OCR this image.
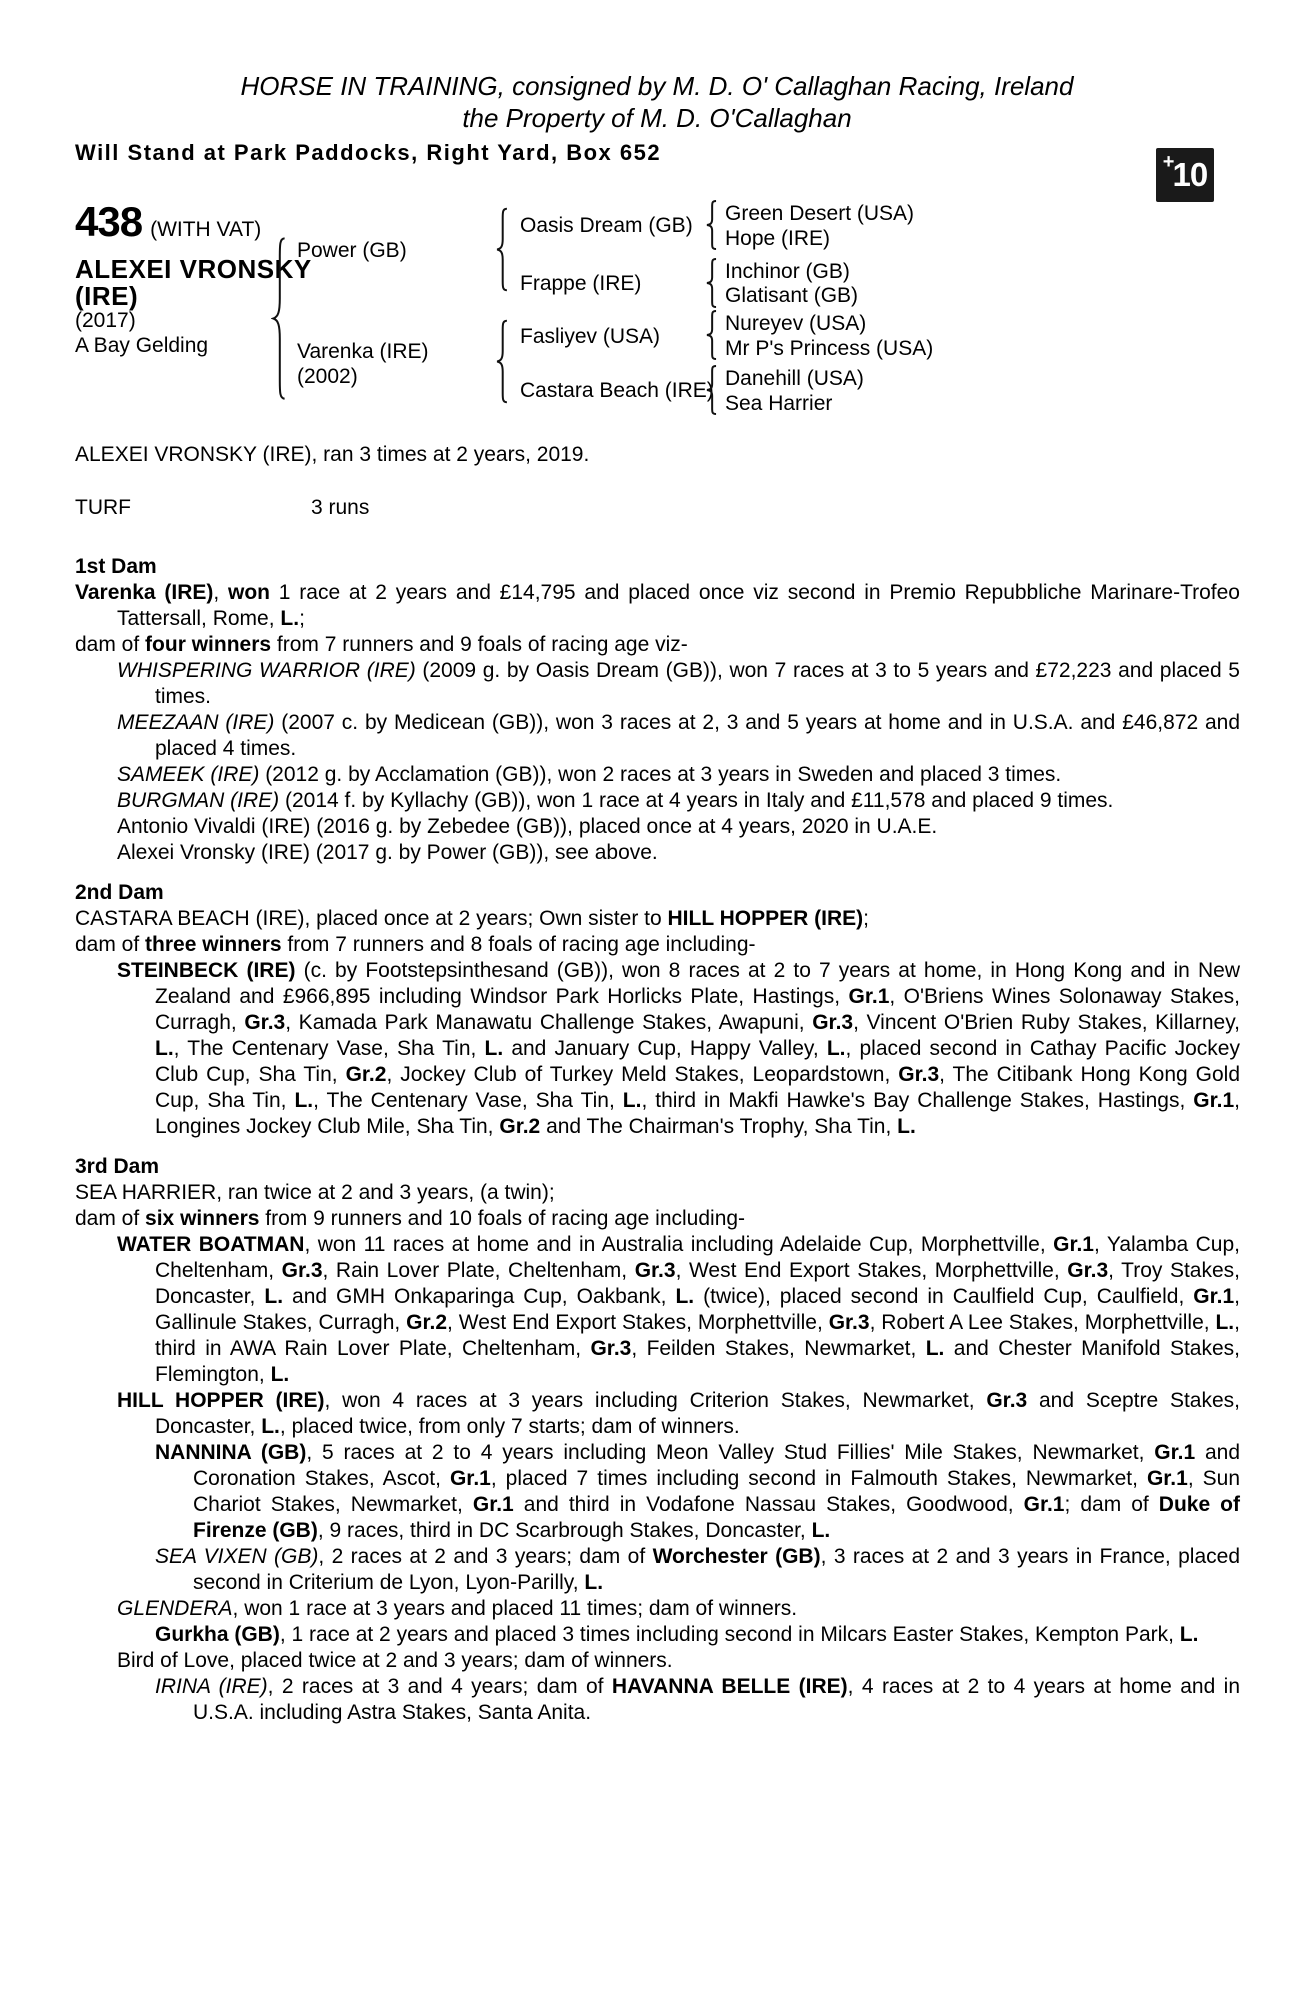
HORSE IN TRAINING, consigned by M. D. O' Callaghan Racing, Ireland
the Property of M. D. O'Callaghan
Will Stand at Park Paddocks, Right Yard, Box 652	+
10
438 (WITH VAT)
ALEXEI VRONSKY
(IRE)
(2017)
A Bay Gelding
Power (GB)
Varenka (IRE)
(2002)
Oasis Dream (GB)
Frappe (IRE)
Fasliyev (USA)
Castara Beach (IRE)
Green Desert (USA)
Hope (IRE)
Inchinor (GB)
Glatisant (GB)
Nureyev (USA)
Mr P's Princess (USA)
Danehill (USA)
Sea Harrier

ALEXEI VRONSKY (IRE), ran 3 times at 2 years, 2019.

TURF	3 runs
1st Dam

Varenka (IRE), won 1 race at 2 years and £14,795 and placed once viz second in Premio Repubbliche Marinare-Trofeo Tattersall, Rome, L.;

dam of four winners from 7 runners and 9 foals of racing age viz-

WHISPERING WARRIOR (IRE) (2009 g. by Oasis Dream (GB)), won 7 races at 3 to 5 years and £72,223 and placed 5 times.

MEEZAAN (IRE) (2007 c. by Medicean (GB)), won 3 races at 2, 3 and 5 years at home and in U.S.A. and £46,872 and placed 4 times.

SAMEEK (IRE) (2012 g. by Acclamation (GB)), won 2 races at 3 years in Sweden and placed 3 times.

BURGMAN (IRE) (2014 f. by Kyllachy (GB)), won 1 race at 4 years in Italy and £11,578 and placed 9 times.

Antonio Vivaldi (IRE) (2016 g. by Zebedee (GB)), placed once at 4 years, 2020 in U.A.E.

Alexei Vronsky (IRE) (2017 g. by Power (GB)), see above.

2nd Dam

CASTARA BEACH (IRE), placed once at 2 years; Own sister to HILL HOPPER (IRE);

dam of three winners from 7 runners and 8 foals of racing age including-

STEINBECK (IRE) (c. by Footstepsinthesand (GB)), won 8 races at 2 to 7 years at home, in Hong Kong and in New Zealand and £966,895 including Windsor Park Horlicks Plate, Hastings, Gr.1, O'Briens Wines Solonaway Stakes, Curragh, Gr.3, Kamada Park Manawatu Challenge Stakes, Awapuni, Gr.3, Vincent O'Brien Ruby Stakes, Killarney, L., The Centenary Vase, Sha Tin, L. and January Cup, Happy Valley, L., placed second in Cathay Pacific Jockey Club Cup, Sha Tin, Gr.2, Jockey Club of Turkey Meld Stakes, Leopardstown, Gr.3, The Citibank Hong Kong Gold Cup, Sha Tin, L., The Centenary Vase, Sha Tin, L., third in Makfi Hawke's Bay Challenge Stakes, Hastings, Gr.1, Longines Jockey Club Mile, Sha Tin, Gr.2 and The Chairman's Trophy, Sha Tin, L.

3rd Dam

SEA HARRIER, ran twice at 2 and 3 years, (a twin);

dam of six winners from 9 runners and 10 foals of racing age including-

WATER BOATMAN, won 11 races at home and in Australia including Adelaide Cup, Morphettville, Gr.1, Yalamba Cup, Cheltenham, Gr.3, Rain Lover Plate, Cheltenham, Gr.3, West End Export Stakes, Morphettville, Gr.3, Troy Stakes, Doncaster, L. and GMH Onkaparinga Cup, Oakbank, L. (twice), placed second in Caulfield Cup, Caulfield, Gr.1, Gallinule Stakes, Curragh, Gr.2, West End Export Stakes, Morphettville, Gr.3, Robert A Lee Stakes, Morphettville, L., third in AWA Rain Lover Plate, Cheltenham, Gr.3, Feilden Stakes, Newmarket, L. and Chester Manifold Stakes, Flemington, L.

HILL HOPPER (IRE), won 4 races at 3 years including Criterion Stakes, Newmarket, Gr.3 and Sceptre Stakes, Doncaster, L., placed twice, from only 7 starts; dam of winners.

NANNINA (GB), 5 races at 2 to 4 years including Meon Valley Stud Fillies' Mile Stakes, Newmarket, Gr.1 and Coronation Stakes, Ascot, Gr.1, placed 7 times including second in Falmouth Stakes, Newmarket, Gr.1, Sun Chariot Stakes, Newmarket, Gr.1 and third in Vodafone Nassau Stakes, Goodwood, Gr.1; dam of Duke of Firenze (GB), 9 races, third in DC Scarbrough Stakes, Doncaster, L.

SEA VIXEN (GB), 2 races at 2 and 3 years; dam of Worchester (GB), 3 races at 2 and 3 years in France, placed second in Criterium de Lyon, Lyon-Parilly, L.

GLENDERA, won 1 race at 3 years and placed 11 times; dam of winners.

Gurkha (GB), 1 race at 2 years and placed 3 times including second in Milcars Easter Stakes, Kempton Park, L.

Bird of Love, placed twice at 2 and 3 years; dam of winners.

IRINA (IRE), 2 races at 3 and 4 years; dam of HAVANNA BELLE (IRE), 4 races at 2 to 4 years at home and in U.S.A. including Astra Stakes, Santa Anita.
